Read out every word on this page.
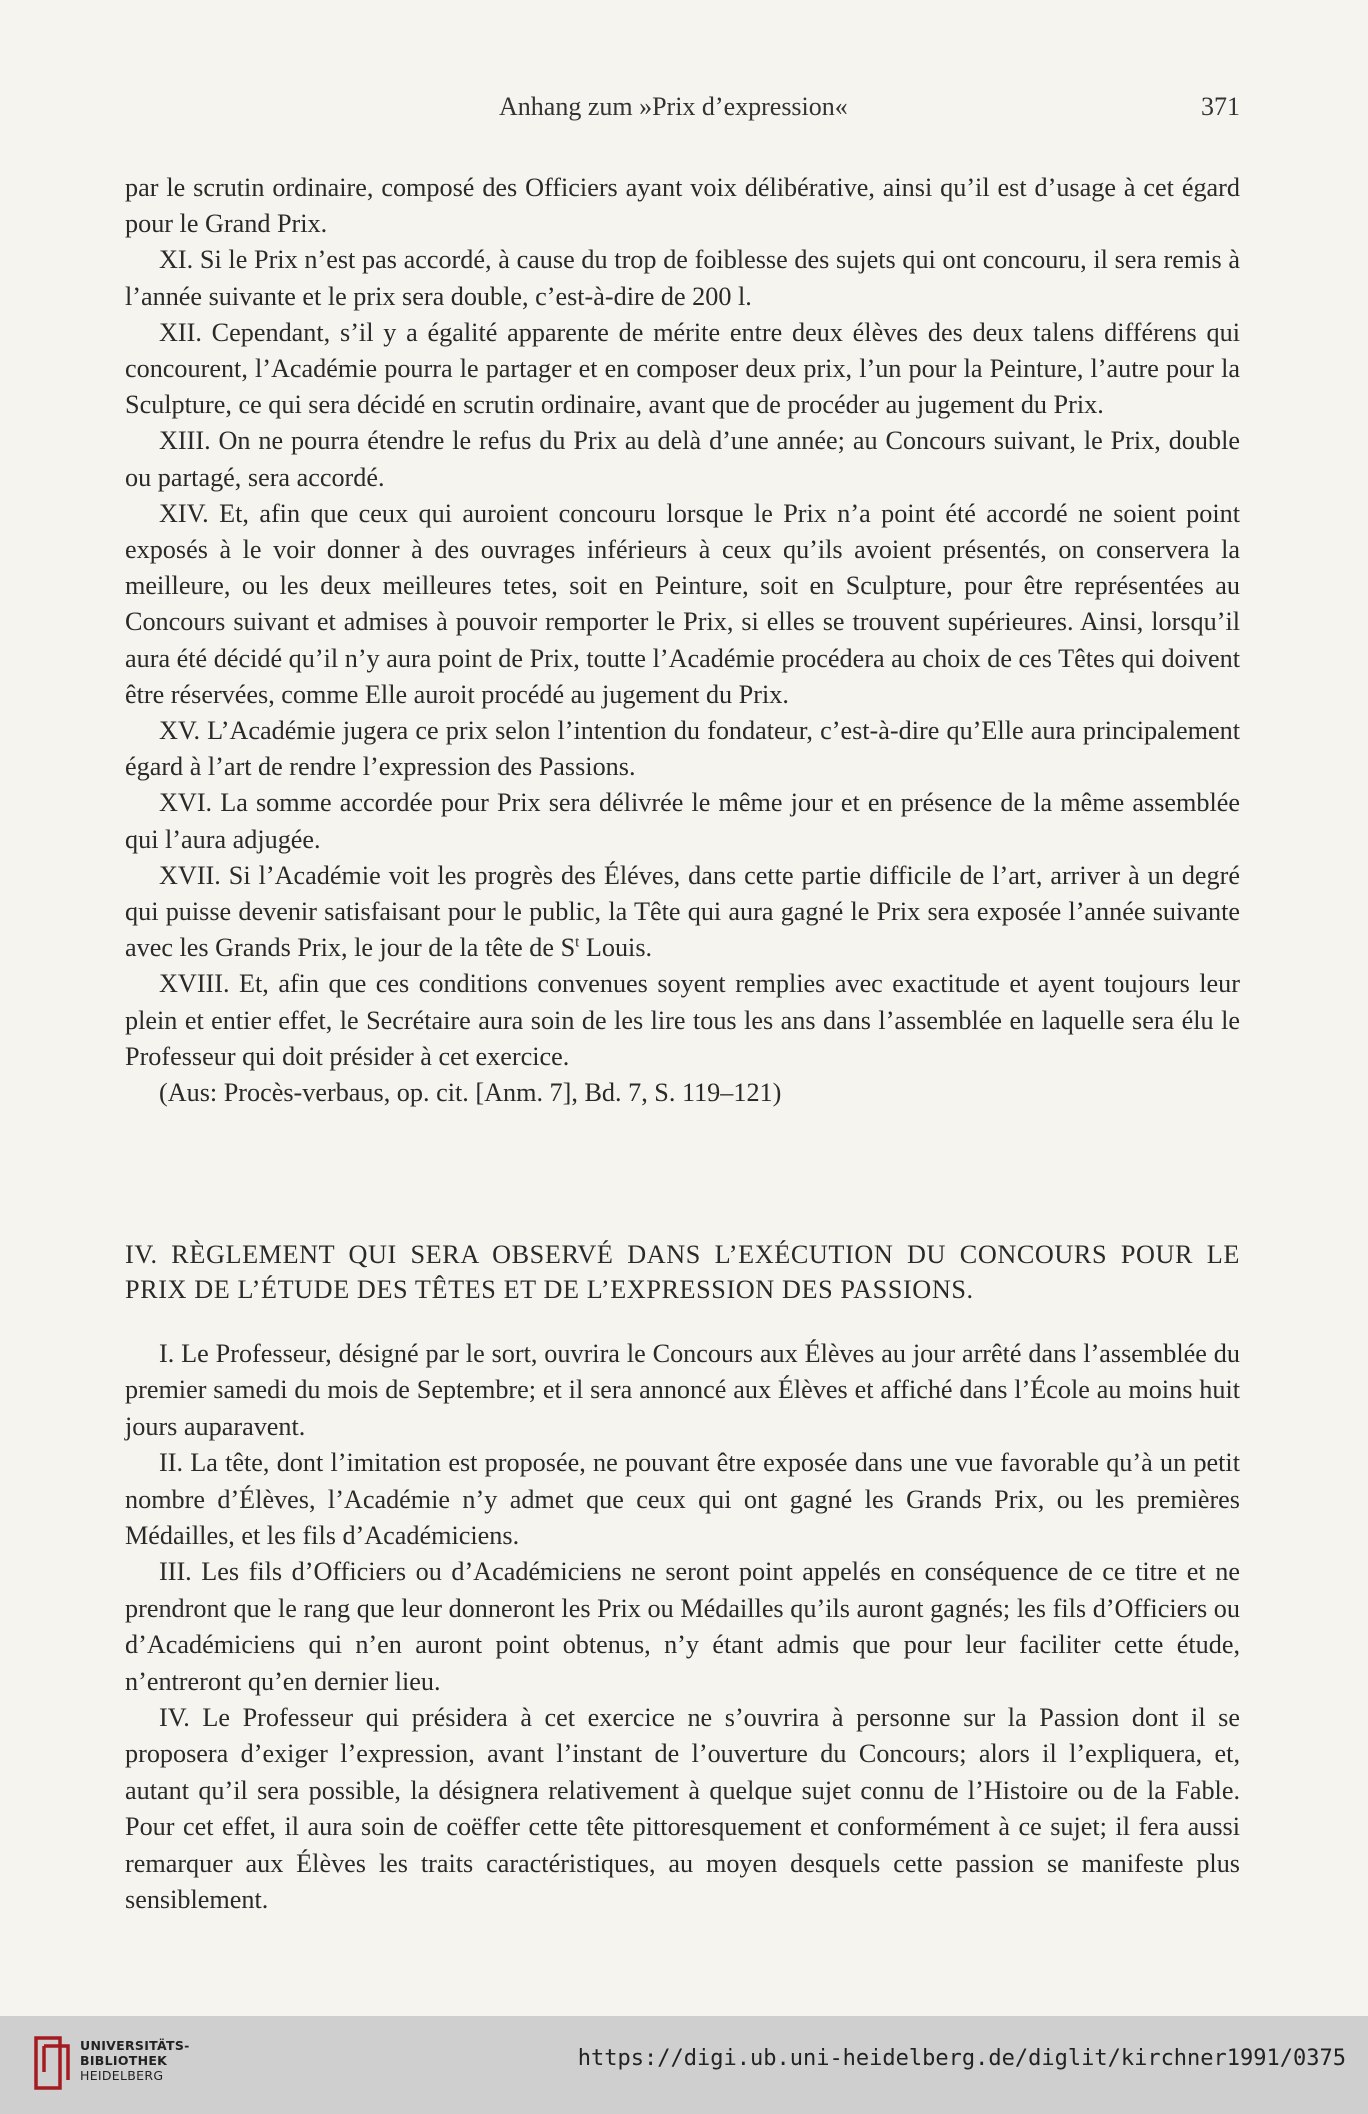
Anhang zum »Prix d’expression«	371

par le scrutin ordinaire, composé des Officiers ayant voix délibérative, ainsi qu’il est d’usage à cet égard pour le Grand Prix.

XI. Si le Prix n’est pas accordé, à cause du trop de foiblesse des sujets qui ont concouru, il sera remis à l’année suivante et le prix sera double, c’est-à-dire de 200 l.

XII. Cependant, s’il y a égalité apparente de mérite entre deux élèves des deux talens différens qui concourent, l’Académie pourra le partager et en composer deux prix, l’un pour la Peinture, l’autre pour la Sculpture, ce qui sera décidé en scrutin ordinaire, avant que de procéder au jugement du Prix.

XIII. On ne pourra étendre le refus du Prix au delà d’une année; au Concours suivant, le Prix, double ou partagé, sera accordé.

XIV. Et, afin que ceux qui auroient concouru lorsque le Prix n’a point été accordé ne soient point exposés à le voir donner à des ouvrages inférieurs à ceux qu’ils avoient présentés, on conservera la meilleure, ou les deux meilleures tetes, soit en Peinture, soit en Sculpture, pour être représentées au Concours suivant et admises à pouvoir remporter le Prix, si elles se trouvent supérieures. Ainsi, lorsqu’il aura été décidé qu’il n’y aura point de Prix, toutte l’Académie procédera au choix de ces Têtes qui doivent être réservées, comme Elle auroit procédé au jugement du Prix.

XV. L’Académie jugera ce prix selon l’intention du fondateur, c’est-à-dire qu’Elle aura principalement égard à l’art de rendre l’expression des Passions.

XVI. La somme accordée pour Prix sera délivrée le même jour et en présence de la même assemblée qui l’aura adjugée.

XVII. Si l’Académie voit les progrès des Éléves, dans cette partie difficile de l’art, arriver à un degré qui puisse devenir satisfaisant pour le public, la Tête qui aura gagné le Prix sera exposée l’année suivante avec les Grands Prix, le jour de la tête de $S^t$ Louis.

XVIII. Et, afin que ces conditions convenues soyent remplies avec exactitude et ayent toujours leur plein et entier effet, le Secrétaire aura soin de les lire tous les ans dans l’assemblée en laquelle sera élu le Professeur qui doit présider à cet exercice.

(Aus: Procès-verbaus, op. cit. [Anm. 7], Bd. 7, S. 119–121)

IV. RÈGLEMENT QUI SERA OBSERVÉ DANS L’EXÉCUTION DU CONCOURS POUR LE PRIX DE L’ÉTUDE DES TÊTES ET DE L’EXPRESSION DES PASSIONS.

I. Le Professeur, désigné par le sort, ouvrira le Concours aux Élèves au jour arrêté dans l’assemblée du premier samedi du mois de Septembre; et il sera annoncé aux Élèves et affiché dans l’École au moins huit jours auparavent.

II. La tête, dont l’imitation est proposée, ne pouvant être exposée dans une vue favorable qu’à un petit nombre d’Élèves, l’Académie n’y admet que ceux qui ont gagné les Grands Prix, ou les premières Médailles, et les fils d’Académiciens.

III. Les fils d’Officiers ou d’Académiciens ne seront point appelés en conséquence de ce titre et ne prendront que le rang que leur donneront les Prix ou Médailles qu’ils auront gagnés; les fils d’Officiers ou d’Académiciens qui n’en auront point obtenus, n’y étant admis que pour leur faciliter cette étude, n’entreront qu’en dernier lieu.

IV. Le Professeur qui présidera à cet exercice ne s’ouvrira à personne sur la Passion dont il se proposera d’exiger l’expression, avant l’instant de l’ouverture du Concours; alors il l’expliquera, et, autant qu’il sera possible, la désignera relativement à quelque sujet connu de l’Histoire ou de la Fable. Pour cet effet, il aura soin de coëffer cette tête pittoresquement et conformément à ce sujet; il fera aussi remarquer aux Élèves les traits caractéristiques, au moyen desquels cette passion se manifeste plus sensiblement.

UNIVERSITÄTS-
BIBLIOTHEK
HEIDELBERG
https://digi.ub.uni-heidelberg.de/diglit/kirchner1991/0375
